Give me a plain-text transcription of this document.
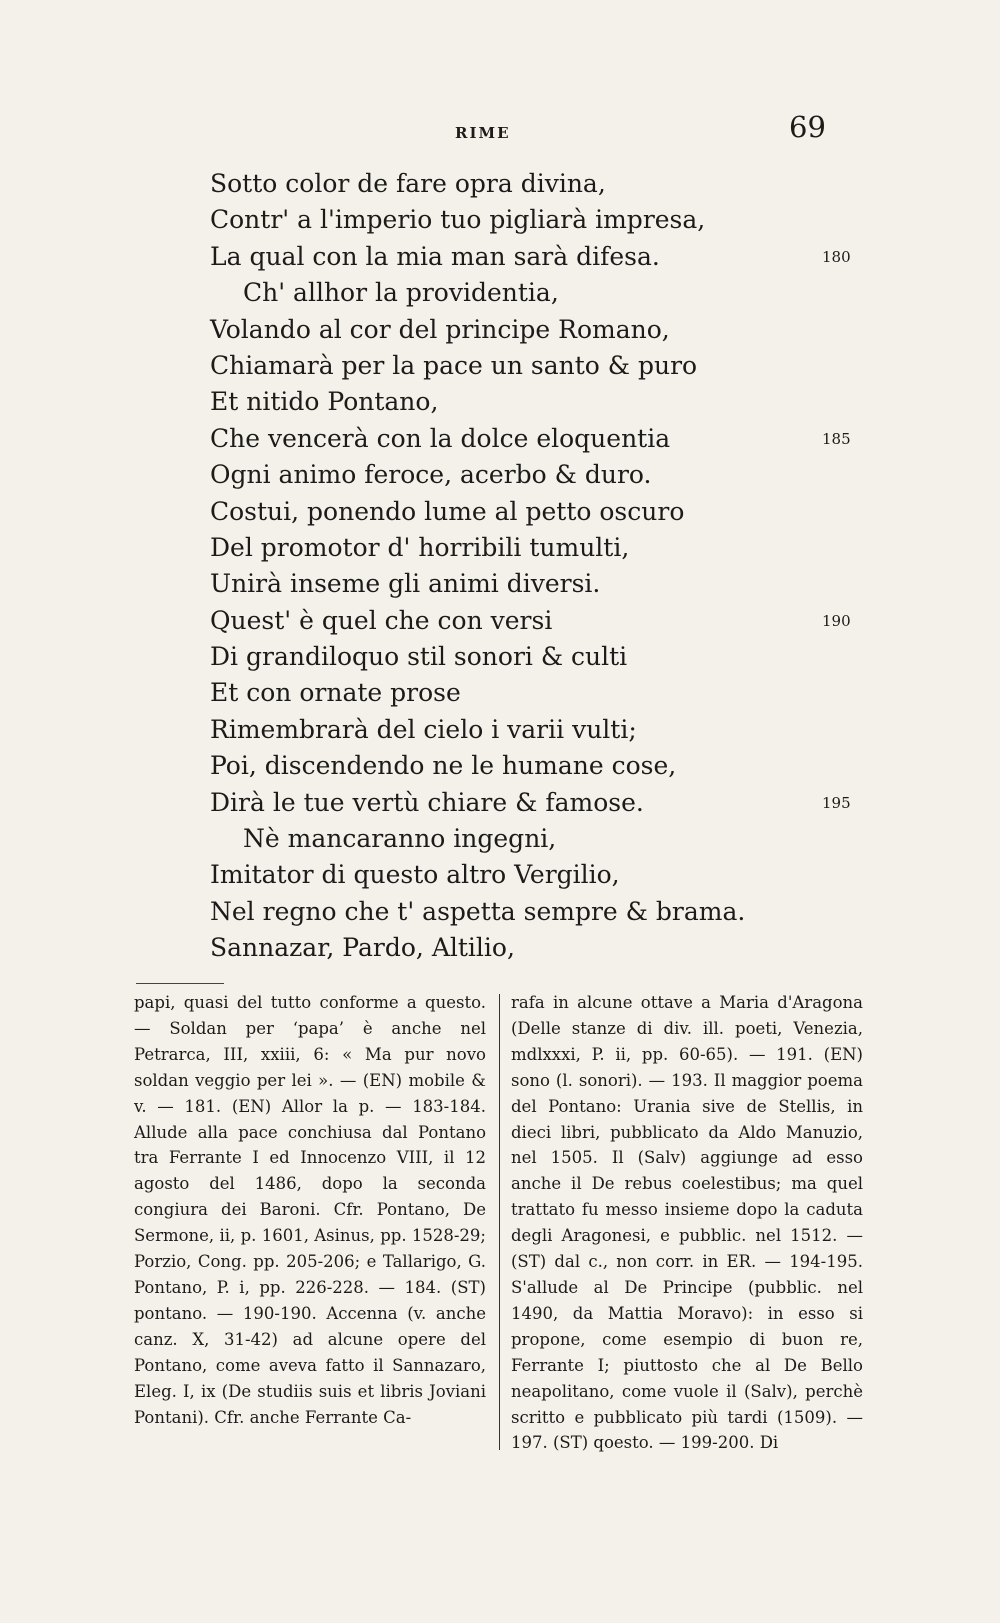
RIME	69
Sotto color de fare opra divina,
Contr' a l'imperio tuo pigliarà impresa,
La qual con la mia man sarà difesa.	180
Ch' allhor la providentia,
Volando al cor del principe Romano,
Chiamarà per la pace un santo & puro
Et nitido Pontano,
Che vencerà con la dolce eloquentia	185
Ogni animo feroce, acerbo & duro.
Costui, ponendo lume al petto oscuro
Del promotor d' horribili tumulti,
Unirà inseme gli animi diversi.
Quest' è quel che con versi	190
Di grandiloquo stil sonori & culti
Et con ornate prose
Rimembrarà del cielo i varii vulti;
Poi, discendendo ne le humane cose,
Dirà le tue vertù chiare & famose.	195
Nè mancaranno ingegni,
Imitator di questo altro Vergilio,
Nel regno che t' aspetta sempre & brama.
Sannazar, Pardo, Altilio,

papi, quasi del tutto conforme a questo. — Soldan per ‘papa’ è anche nel Petrarca, III, xxiii, 6: « Ma pur novo soldan veggio per lei ». — (EN) mobile & v. — 181. (EN) Allor la p. — 183-184. Allude alla pace conchiusa dal Pontano tra Ferrante I ed Innocenzo VIII, il 12 agosto del 1486, dopo la seconda congiura dei Baroni. Cfr. Pontano, De Sermone, ii, p. 1601, Asinus, pp. 1528-29; Porzio, Cong. pp. 205-206; e Tallarigo, G. Pontano, P. i, pp. 226-228. — 184. (ST) pontano. — 190-190. Accenna (v. anche canz. X, 31-42) ad alcune opere del Pontano, come aveva fatto il Sannazaro, Eleg. I, ix (De studiis suis et libris Joviani Pontani). Cfr. anche Ferrante Ca-

rafa in alcune ottave a Maria d'Aragona (Delle stanze di div. ill. poeti, Venezia, mdlxxxi, P. ii, pp. 60-65). — 191. (EN) sono (l. sonori). — 193. Il maggior poema del Pontano: Urania sive de Stellis, in dieci libri, pubblicato da Aldo Manuzio, nel 1505. Il (Salv) aggiunge ad esso anche il De rebus coelestibus; ma quel trattato fu messo insieme dopo la caduta degli Aragonesi, e pubblic. nel 1512. — (ST) dal c., non corr. in ER. — 194-195. S'allude al De Principe (pubblic. nel 1490, da Mattia Moravo): in esso si propone, come esempio di buon re, Ferrante I; piuttosto che al De Bello neapolitano, come vuole il (Salv), perchè scritto e pubblicato più tardi (1509). — 197. (ST) qoesto. — 199-200. Di
